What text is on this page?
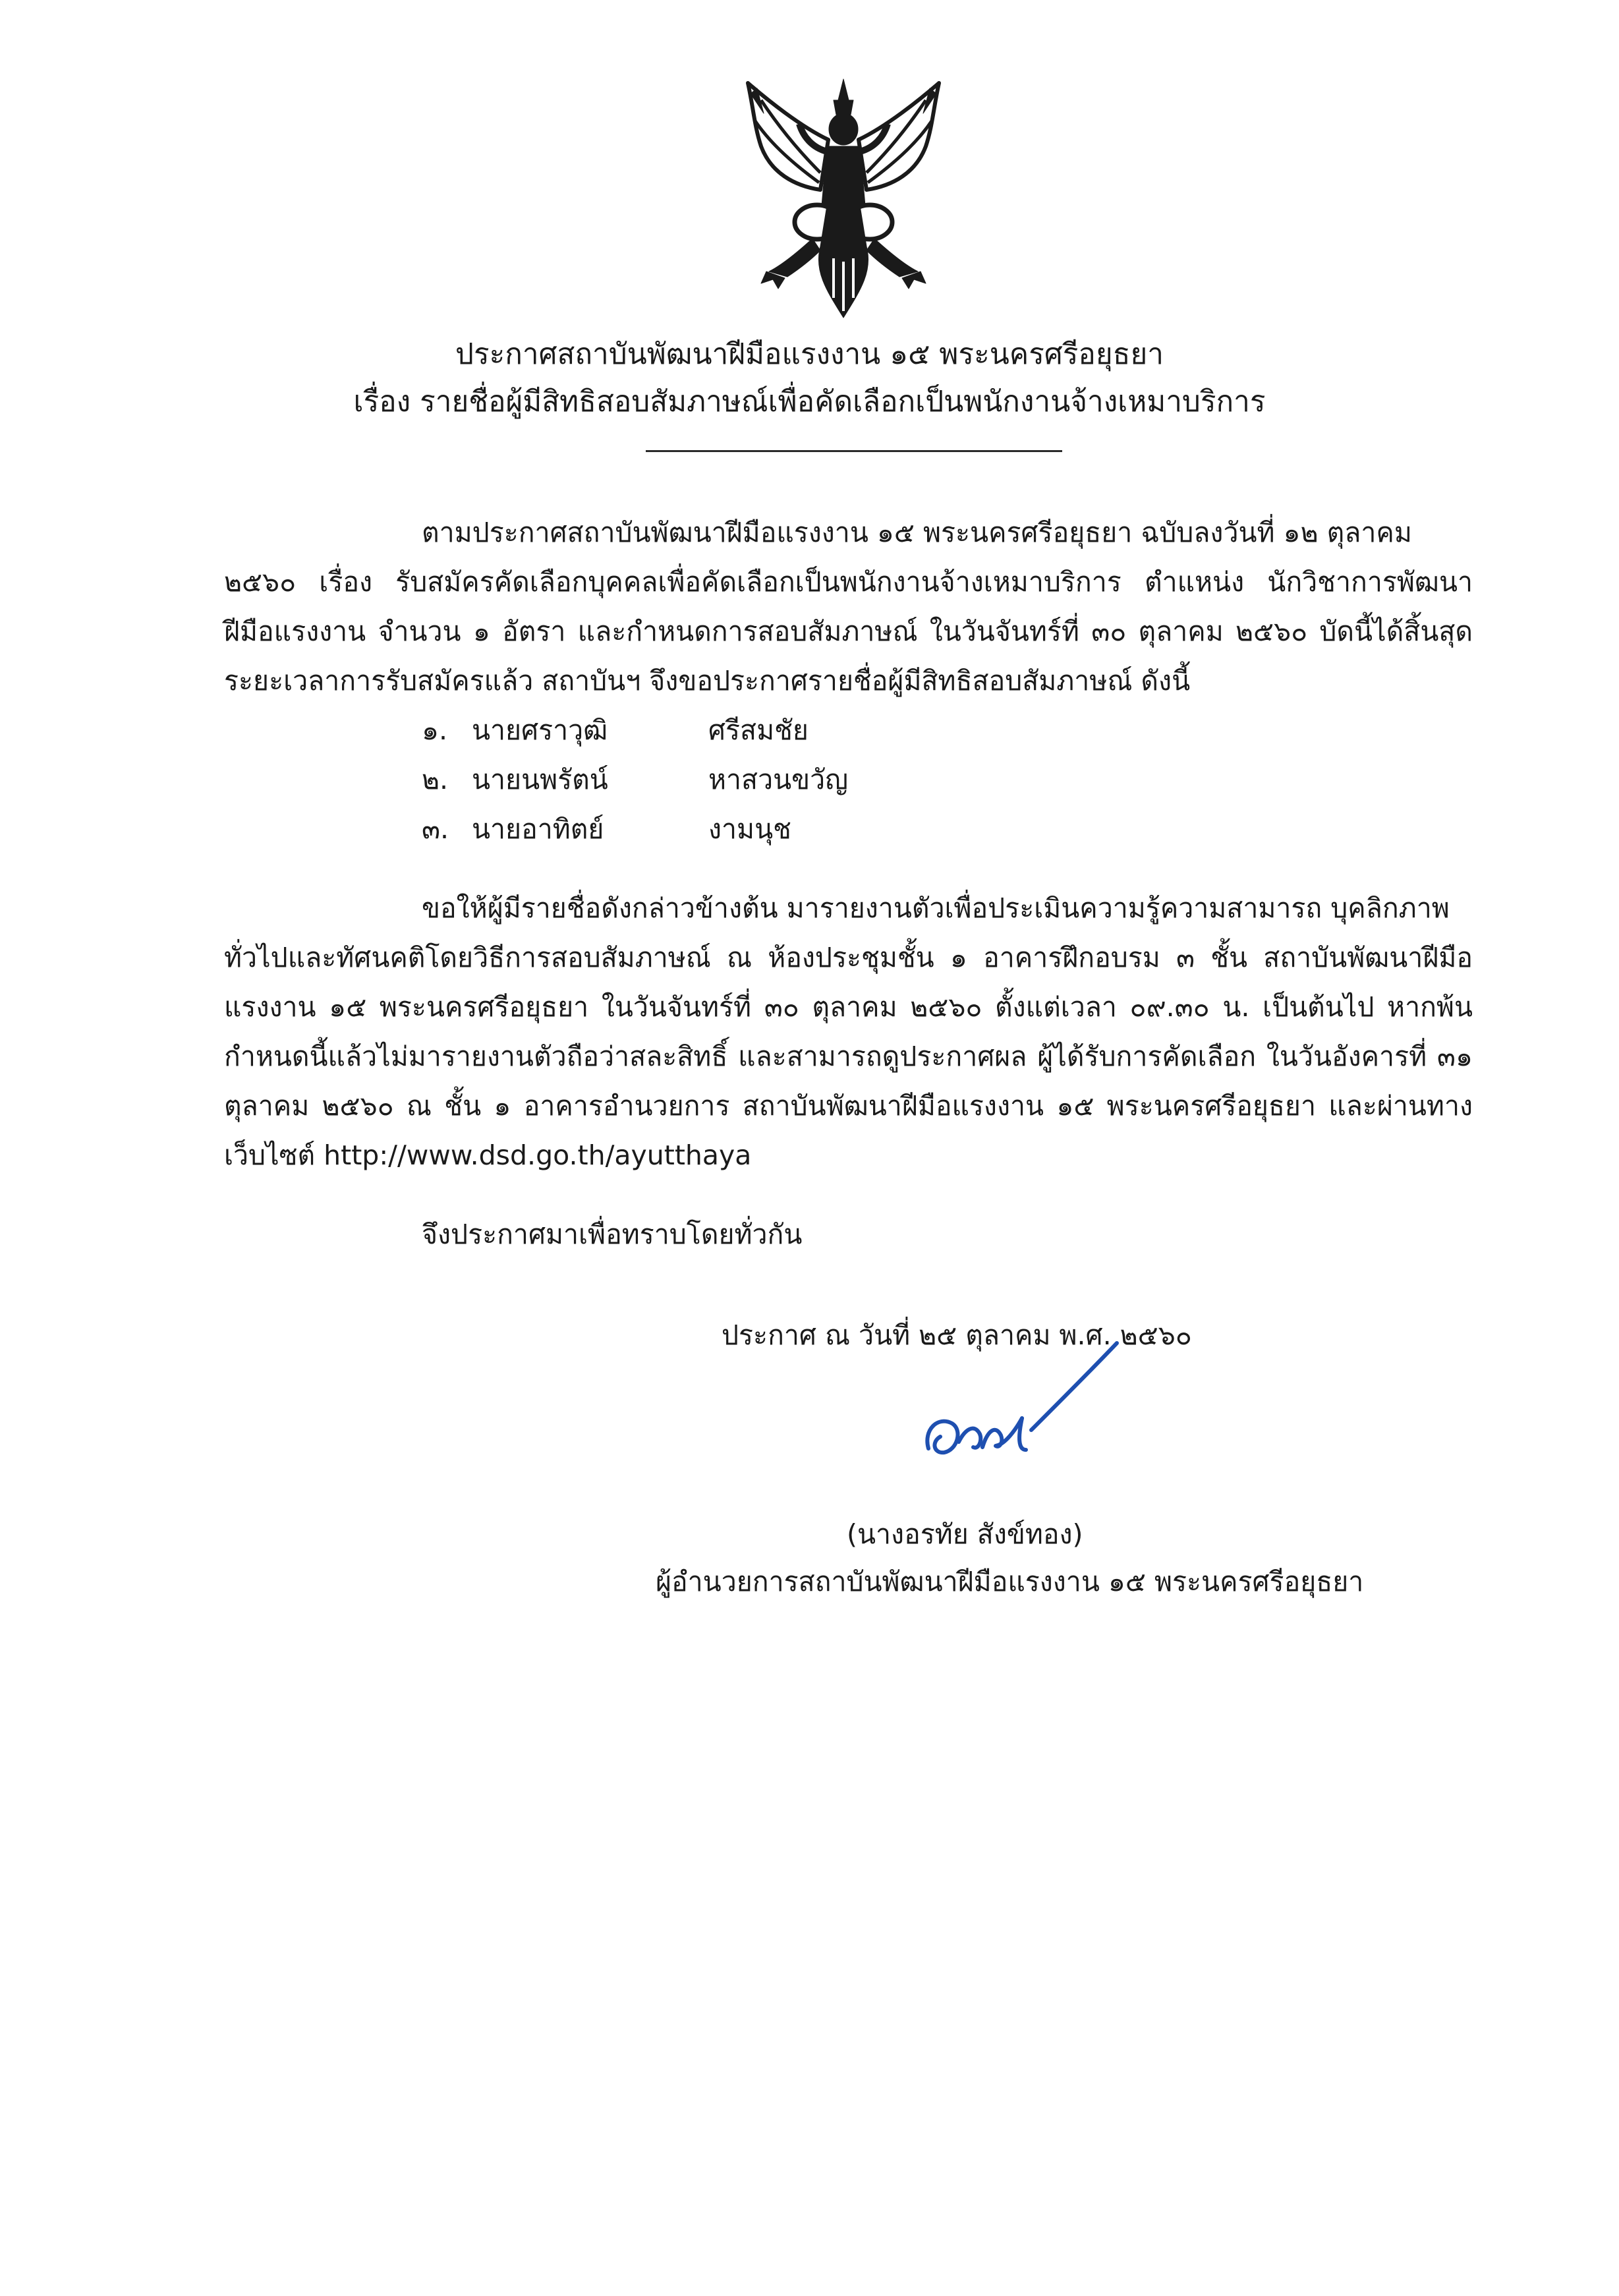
ประกาศสถาบันพัฒนาฝีมือแรงงาน ๑๕ พระนครศรีอยุธยา
เรื่อง รายชื่อผู้มีสิทธิสอบสัมภาษณ์เพื่อคัดเลือกเป็นพนักงานจ้างเหมาบริการ
ตามประกาศสถาบันพัฒนาฝีมือแรงงาน ๑๕ พระนครศรีอยุธยา ฉบับลงวันที่ ๑๒ ตุลาคม
๒๕๖๐ เรื่อง รับสมัครคัดเลือกบุคคลเพื่อคัดเลือกเป็นพนักงานจ้างเหมาบริการ ตำแหน่ง นักวิชาการพัฒนา
ฝีมือแรงงาน จำนวน ๑ อัตรา และกำหนดการสอบสัมภาษณ์ ในวันจันทร์ที่ ๓๐ ตุลาคม ๒๕๖๐ บัดนี้ได้สิ้นสุด
ระยะเวลาการรับสมัครแล้ว สถาบันฯ จึงขอประกาศรายชื่อผู้มีสิทธิสอบสัมภาษณ์ ดังนี้
๑. นายศราวุฒิ	ศรีสมชัย
๒. นายนพรัตน์	หาสวนขวัญ
๓. นายอาทิตย์	งามนุช
ขอให้ผู้มีรายชื่อดังกล่าวข้างต้น มารายงานตัวเพื่อประเมินความรู้ความสามารถ บุคลิกภาพ
ทั่วไปและทัศนคติโดยวิธีการสอบสัมภาษณ์ ณ ห้องประชุมชั้น ๑ อาคารฝึกอบรม ๓ ชั้น สถาบันพัฒนาฝีมือ
แรงงาน ๑๕ พระนครศรีอยุธยา ในวันจันทร์ที่ ๓๐ ตุลาคม ๒๕๖๐ ตั้งแต่เวลา ๐๙.๓๐ น. เป็นต้นไป หากพ้น
กำหนดนี้แล้วไม่มารายงานตัวถือว่าสละสิทธิ์ และสามารถดูประกาศผล ผู้ได้รับการคัดเลือก ในวันอังคารที่ ๓๑
ตุลาคม ๒๕๖๐ ณ ชั้น ๑ อาคารอำนวยการ สถาบันพัฒนาฝีมือแรงงาน ๑๕ พระนครศรีอยุธยา และผ่านทาง
เว็บไซต์ http://www.dsd.go.th/ayutthaya
จึงประกาศมาเพื่อทราบโดยทั่วกัน
ประกาศ ณ วันที่ ๒๕ ตุลาคม พ.ศ. ๒๕๖๐
(นางอรทัย สังข์ทอง)
ผู้อำนวยการสถาบันพัฒนาฝีมือแรงงาน ๑๕ พระนครศรีอยุธยา
